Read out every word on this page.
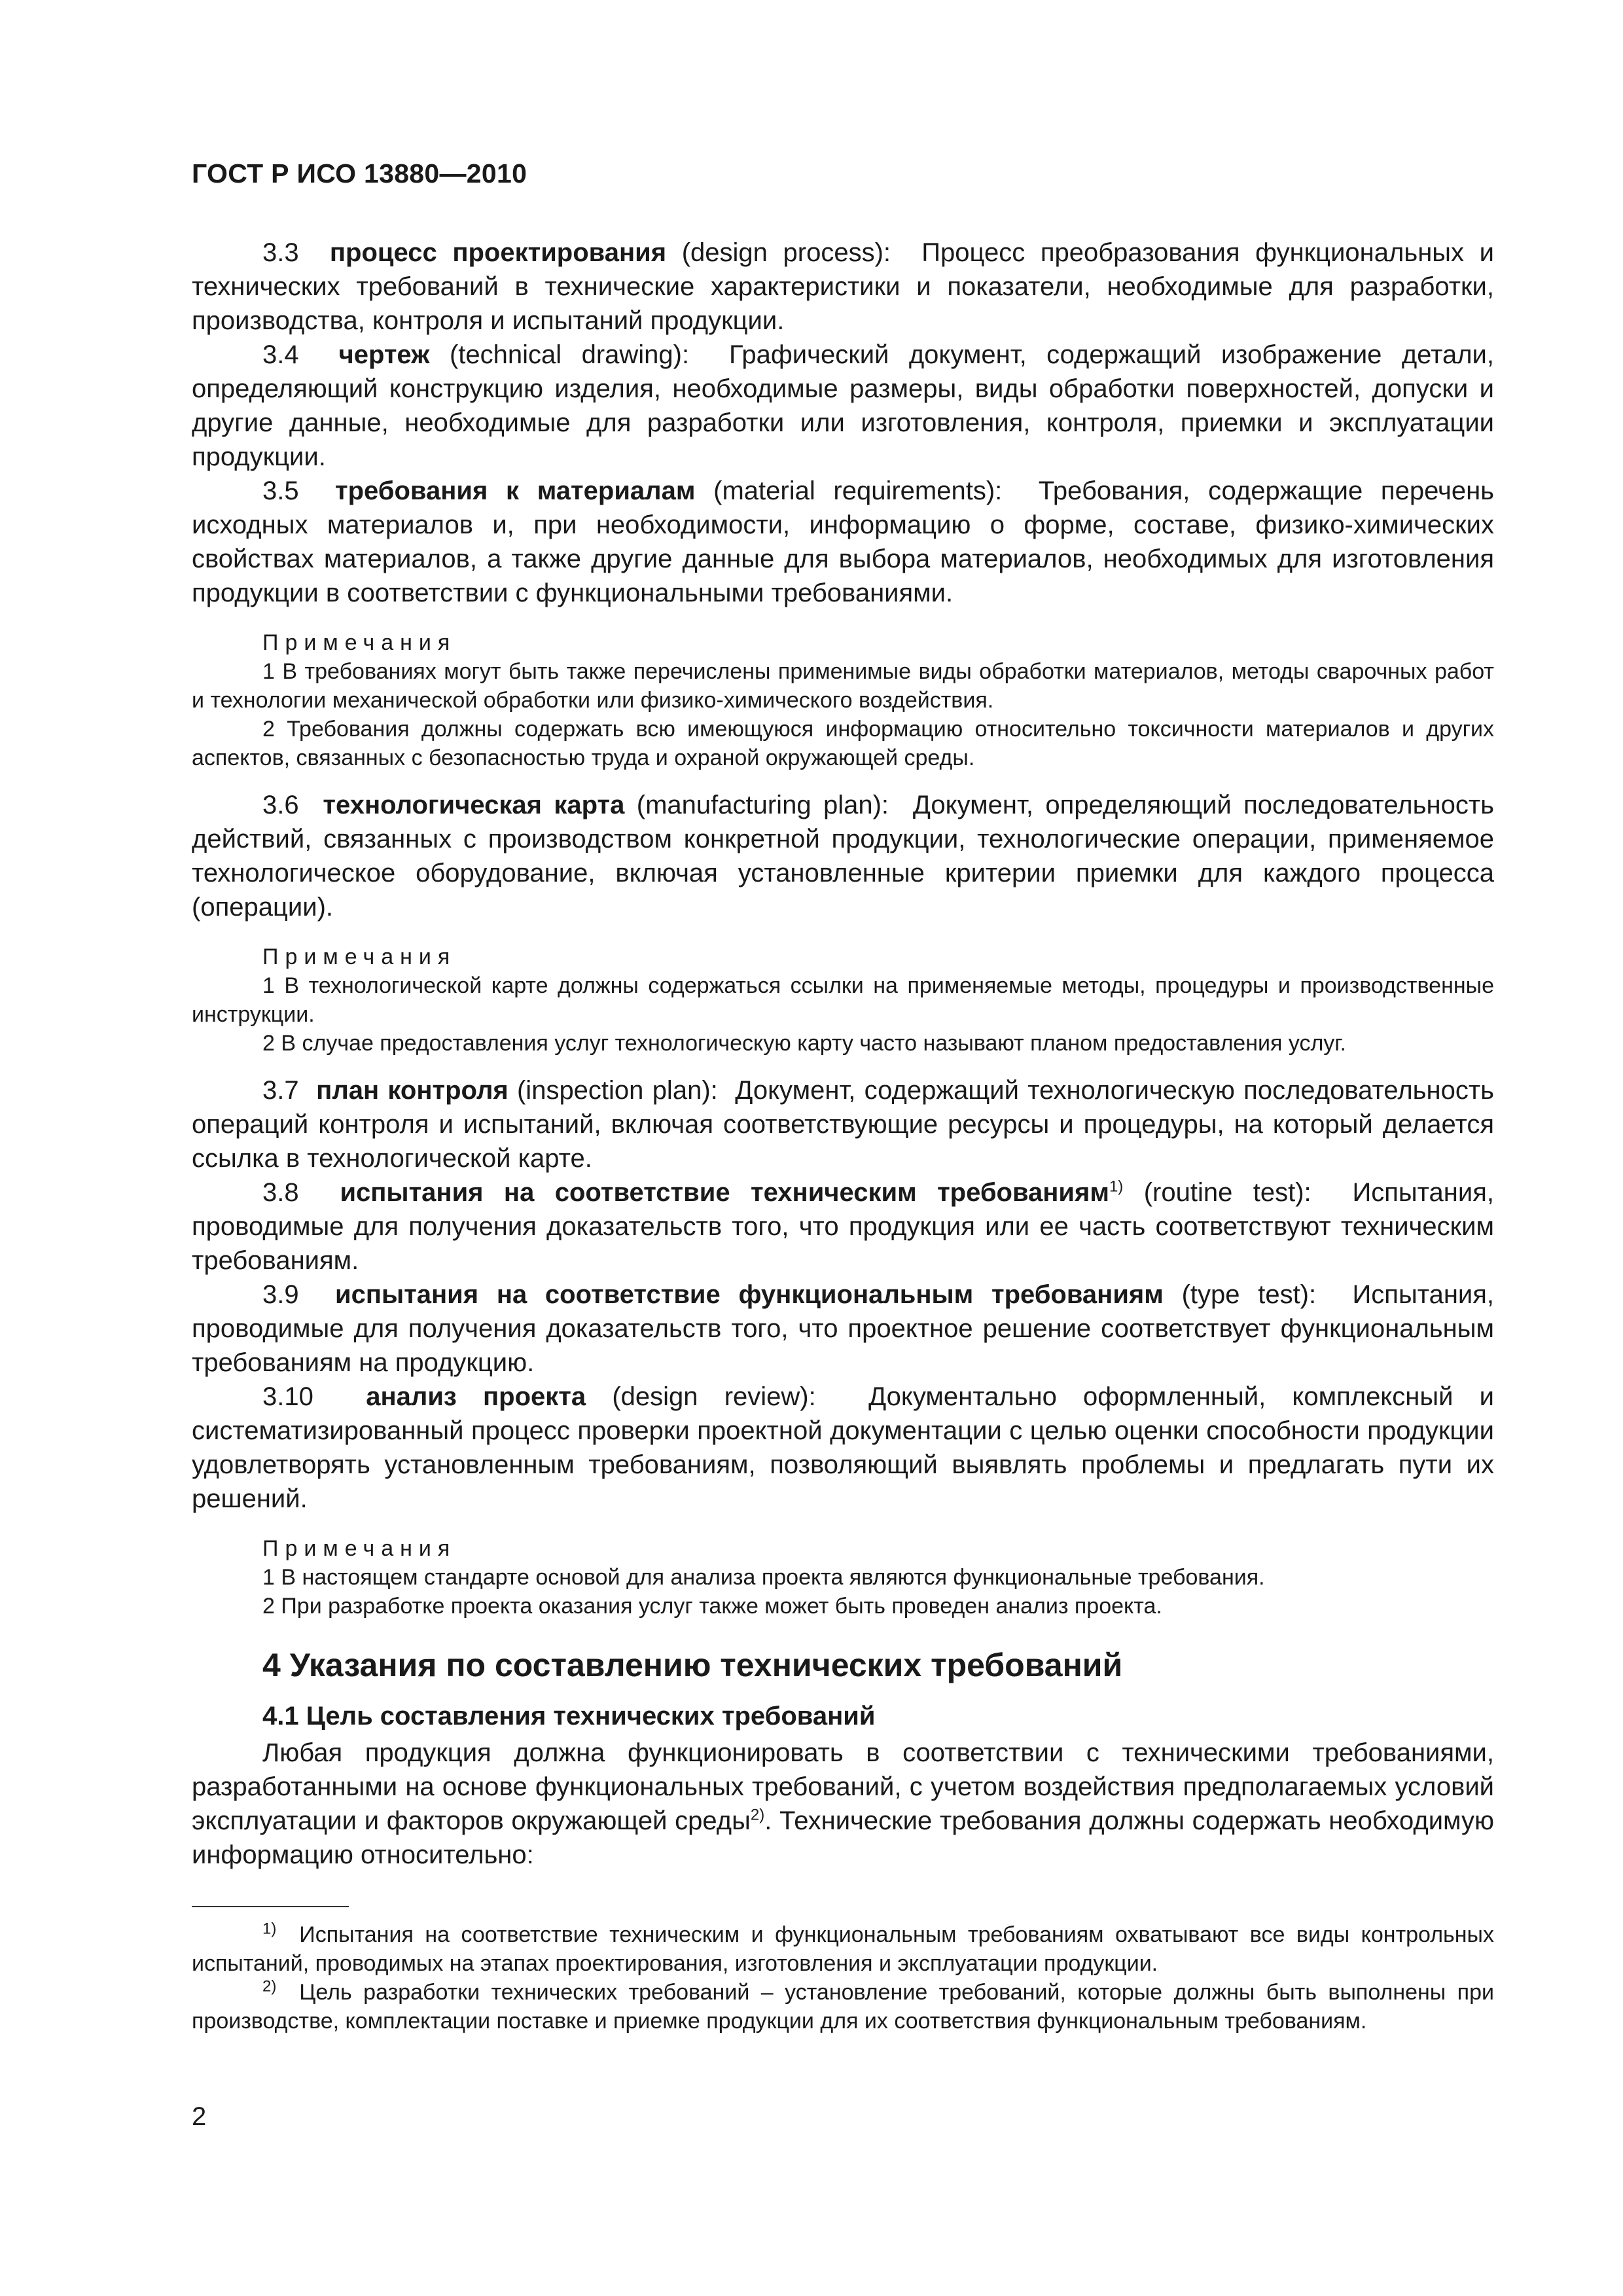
ГОСТ Р ИСО 13880—2010

3.3 процесс проектирования (design process): Процесс преобразования функциональных и технических требований в технические характеристики и показатели, необходимые для разработки, производства, контроля и испытаний продукции.

3.4 чертеж (technical drawing): Графический документ, содержащий изображение детали, определяющий конструкцию изделия, необходимые размеры, виды обработки поверхностей, допуски и другие данные, необходимые для разработки или изготовления, контроля, приемки и эксплуатации продукции.

3.5 требования к материалам (material requirements): Требования, содержащие перечень исходных материалов и, при необходимости, информацию о форме, составе, физико-химических свойствах материалов, а также другие данные для выбора материалов, необходимых для изготовления продукции в соответствии с функциональными требованиями.

Примечания

1 В требованиях могут быть также перечислены применимые виды обработки материалов, методы сварочных работ и технологии механической обработки или физико-химического воздействия.

2 Требования должны содержать всю имеющуюся информацию относительно токсичности материалов и других аспектов, связанных с безопасностью труда и охраной окружающей среды.

3.6 технологическая карта (manufacturing plan): Документ, определяющий последовательность действий, связанных с производством конкретной продукции, технологические операции, применяемое технологическое оборудование, включая установленные критерии приемки для каждого процесса (операции).

Примечания

1 В технологической карте должны содержаться ссылки на применяемые методы, процедуры и производственные инструкции.

2 В случае предоставления услуг технологическую карту часто называют планом предоставления услуг.

3.7 план контроля (inspection plan): Документ, содержащий технологическую последовательность операций контроля и испытаний, включая соответствующие ресурсы и процедуры, на который делается ссылка в технологической карте.

3.8 испытания на соответствие техническим требованиям$^{1)}$ (routine test): Испытания, проводимые для получения доказательств того, что продукция или ее часть соответствуют техническим требованиям.

3.9 испытания на соответствие функциональным требованиям (type test): Испытания, проводимые для получения доказательств того, что проектное решение соответствует функциональным требованиям на продукцию.

3.10 анализ проекта (design review): Документально оформленный, комплексный и систематизированный процесс проверки проектной документации с целью оценки способности продукции удовлетворять установленным требованиям, позволяющий выявлять проблемы и предлагать пути их решений.

Примечания

1 В настоящем стандарте основой для анализа проекта являются функциональные требования.

2 При разработке проекта оказания услуг также может быть проведен анализ проекта.

4 Указания по составлению технических требований
4.1 Цель составления технических требований

Любая продукция должна функционировать в соответствии с техническими требованиями, разработанными на основе функциональных требований, с учетом воздействия предполагаемых условий эксплуатации и факторов окружающей среды$^{2)}$. Технические требования должны содержать необходимую информацию относительно:

$^{1)}$ Испытания на соответствие техническим и функциональным требованиям охватывают все виды контрольных испытаний, проводимых на этапах проектирования, изготовления и эксплуатации продукции.

$^{2)}$ Цель разработки технических требований – установление требований, которые должны быть выполнены при производстве, комплектации поставке и приемке продукции для их соответствия функциональным требованиям.

2
